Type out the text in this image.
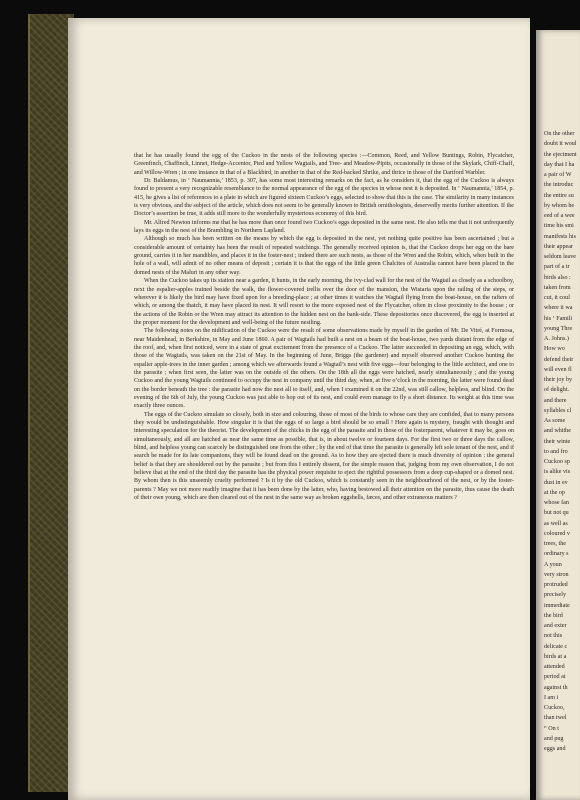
that he has usually found the egg of the Cuckoo in the nests of the following species :—Common, Reed, and Yellow Buntings, Robin, Flycatcher, Greenfinch, Chaffinch, Linnet, Hedge-Accentor, Pied and Yellow Wagtails, and Tree- and Meadow-Pipits, occasionally in those of the Skylark, Chiff-Chaff, and Willow-Wren ; in one instance in that of a Blackbird, in another in that of the Red-backed Shrike, and thrice in those of the Dartford Warbler.

Dr. Baldamus, in ‘ Naumannia,’ 1853, p. 307, has some most interesting remarks on the fact, as he considers it, that the egg of the Cuckoo is always found to present a very recognizable resemblance to the normal appearance of the egg of the species in whose nest it is deposited. In ‘ Naumannia,’ 1854, p. 415, he gives a list of references to a plate in which are figured sixteen Cuckoo’s eggs, selected to show that this is the case. The similarity in many instances is very obvious, and the subject of the article, which does not seem to be generally known to British ornithologists, deservedly merits further attention. If the Doctor’s assertion be true, it adds still more to the wonderfully mysterious economy of this bird.

Mr. Alfred Newton informs me that he has more than once found two Cuckoo’s eggs deposited in the same nest. He also tells me that it not unfrequently lays its eggs in the nest of the Brambling in Northern Lapland.

Although so much has been written on the means by which the egg is deposited in the nest, yet nothing quite positive has been ascertained ; but a considerable amount of certainty has been the result of repeated watchings. The generally received opinion is, that the Cuckoo drops her egg on the bare ground, carries it in her mandibles, and places it in the foster-nest ; indeed there are such nests, as those of the Wren and the Robin, which, when built in the hole of a wall, will admit of no other means of deposit ; certain it is that the eggs of the little green Chalcites of Australia cannot have been placed in the domed nests of the Maluri in any other way.

When the Cuckoo takes up its station near a garden, it hunts, in the early morning, the ivy-clad wall for the nest of the Wagtail as closely as a schoolboy, next the espalier-apples trained beside the walk, the flower-covered trellis over the door of the mansion, the Wistaria upon the railing of the steps, or wherever it is likely the bird may have fixed upon for a breeding-place ; at other times it watches the Wagtail flying from the boat-house, on the rafters of which, or among the thatch, it may have placed its nest. It will resort to the more exposed nest of the Flycatcher, often in close proximity to the house ; or the actions of the Robin or the Wren may attract its attention to the hidden nest on the bank-side. These depositories once discovered, the egg is inserted at the proper moment for the development and well-being of the future nestling.

The following notes on the nidification of the Cuckoo were the result of some observations made by myself in the garden of Mr. De Vitré, at Formosa, near Maidenhead, in Berkshire, in May and June 1860. A pair of Wagtails had built a nest on a beam of the boat-house, two yards distant from the edge of the roof, and, when first noticed, were in a state of great excitement from the presence of a Cuckoo. The latter succeeded in depositing an egg, which, with those of the Wagtails, was taken on the 21st of May. In the beginning of June, Briggs (the gardener) and myself observed another Cuckoo hunting the espalier apple-trees in the inner garden ; among which we afterwards found a Wagtail’s nest with five eggs—four belonging to the little architect, and one to the parasite ; when first seen, the latter was on the outside of the others. On the 18th all the eggs were hatched, nearly simultaneously ; and the young Cuckoo and the young Wagtails continued to occupy the nest in company until the third day, when, at five o’clock in the morning, the latter were found dead on the border beneath the tree : the parasite had now the nest all to itself, and, when I examined it on the 22nd, was still callow, helpless, and blind. On the evening of the 6th of July, the young Cuckoo was just able to hop out of its nest, and could even manage to fly a short distance. Its weight at this time was exactly three ounces.

The eggs of the Cuckoo simulate so closely, both in size and colouring, those of most of the birds to whose care they are confided, that to many persons they would be undistinguishable. How singular it is that the eggs of so large a bird should be so small ! Here again is mystery, fraught with thought and interesting speculation for the theorist. The development of the chicks in the egg of the parasite and in those of the fosterparent, whatever it may be, goes on simultaneously, and all are hatched as near the same time as possible, that is, in about twelve or fourteen days. For the first two or three days the callow, blind, and helpless young can scarcely be distinguished one from the other ; by the end of that time the parasite is generally left sole tenant of the nest, and if search be made for its late companions, they will be found dead on the ground. As to how they are ejected there is much diversity of opinion : the general belief is that they are shouldered out by the parasite ; but from this I entirely dissent, for the simple reason that, judging from my own observation, I do not believe that at the end of the third day the parasite has the physical power requisite to eject the rightful possessors from a deep cup-shaped or a domed nest. By whom then is this unseemly cruelty performed ? Is it by the old Cuckoo, which is constantly seen in the neighbourhood of the nest, or by the foster-parents ? May we not more readily imagine that it has been done by the latter, who, having bestowed all their attention on the parasite, thus cause the death of their own young, which are then cleared out of the nest in the same way as broken eggshells, fæces, and other extraneous matters ?

On the other
doubt it woul
the ejectment
day that I ha
a pair of W
the introduc
the entire su
by whom he
eed of a wee
time his smi
manifests his
their appear
seldom leave
part of a tr
birds also :
taken from
cut, it coul
where it wa
his ‘ Famili
young Thre
A. Johns.)
How wo
defend their
will even fl
their joy by
of delight.
and there
syllables cl
As some
and whithe
their winte
to and fro
Cuckoo sp
is alike vis
dust in ev
at the op
whose fan
but not qu
as well as
coloured v
trees, the
ordinary s
A youn
very stron
protruded
precisely
immediate
the bird
and exter
not this
delicate c
birds at a
attended
period at
against th
I am i
Cuckoo,
than twel
“ On t
and pug
eggs and
